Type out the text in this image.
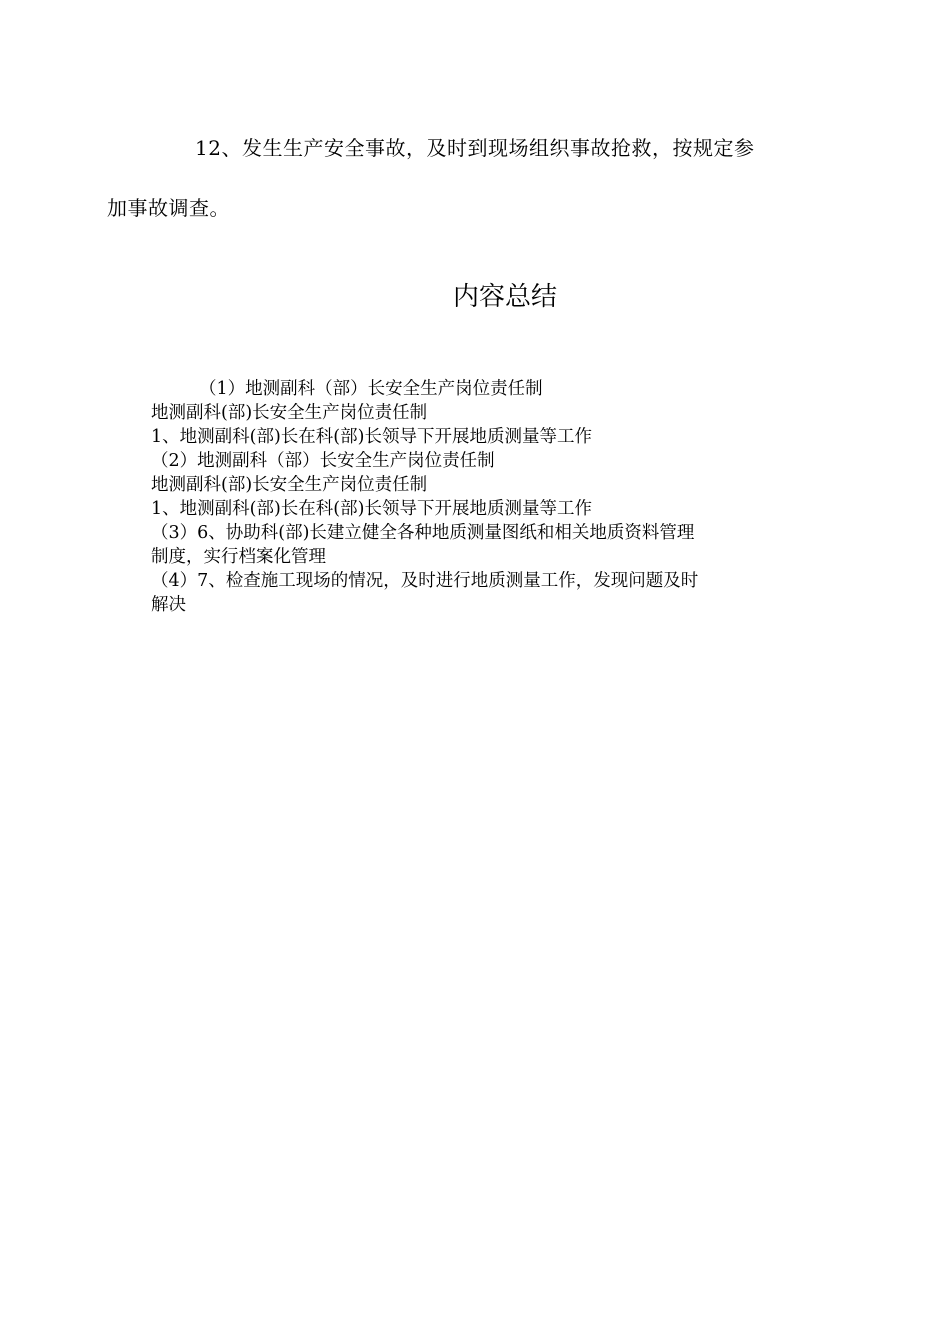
12、发生生产安全事故，及时到现场组织事故抢救，按规定参
加事故调查。

内容总结
（1）地测副科（部）长安全生产岗位责任制
地测副科(部)长安全生产岗位责任制
1、地测副科(部)长在科(部)长领导下开展地质测量等工作
（2）地测副科（部）长安全生产岗位责任制
地测副科(部)长安全生产岗位责任制
1、地测副科(部)长在科(部)长领导下开展地质测量等工作
（3）6、协助科(部)长建立健全各种地质测量图纸和相关地质资料管理
制度，实行档案化管理
（4）7、检查施工现场的情况，及时进行地质测量工作，发现问题及时
解决
